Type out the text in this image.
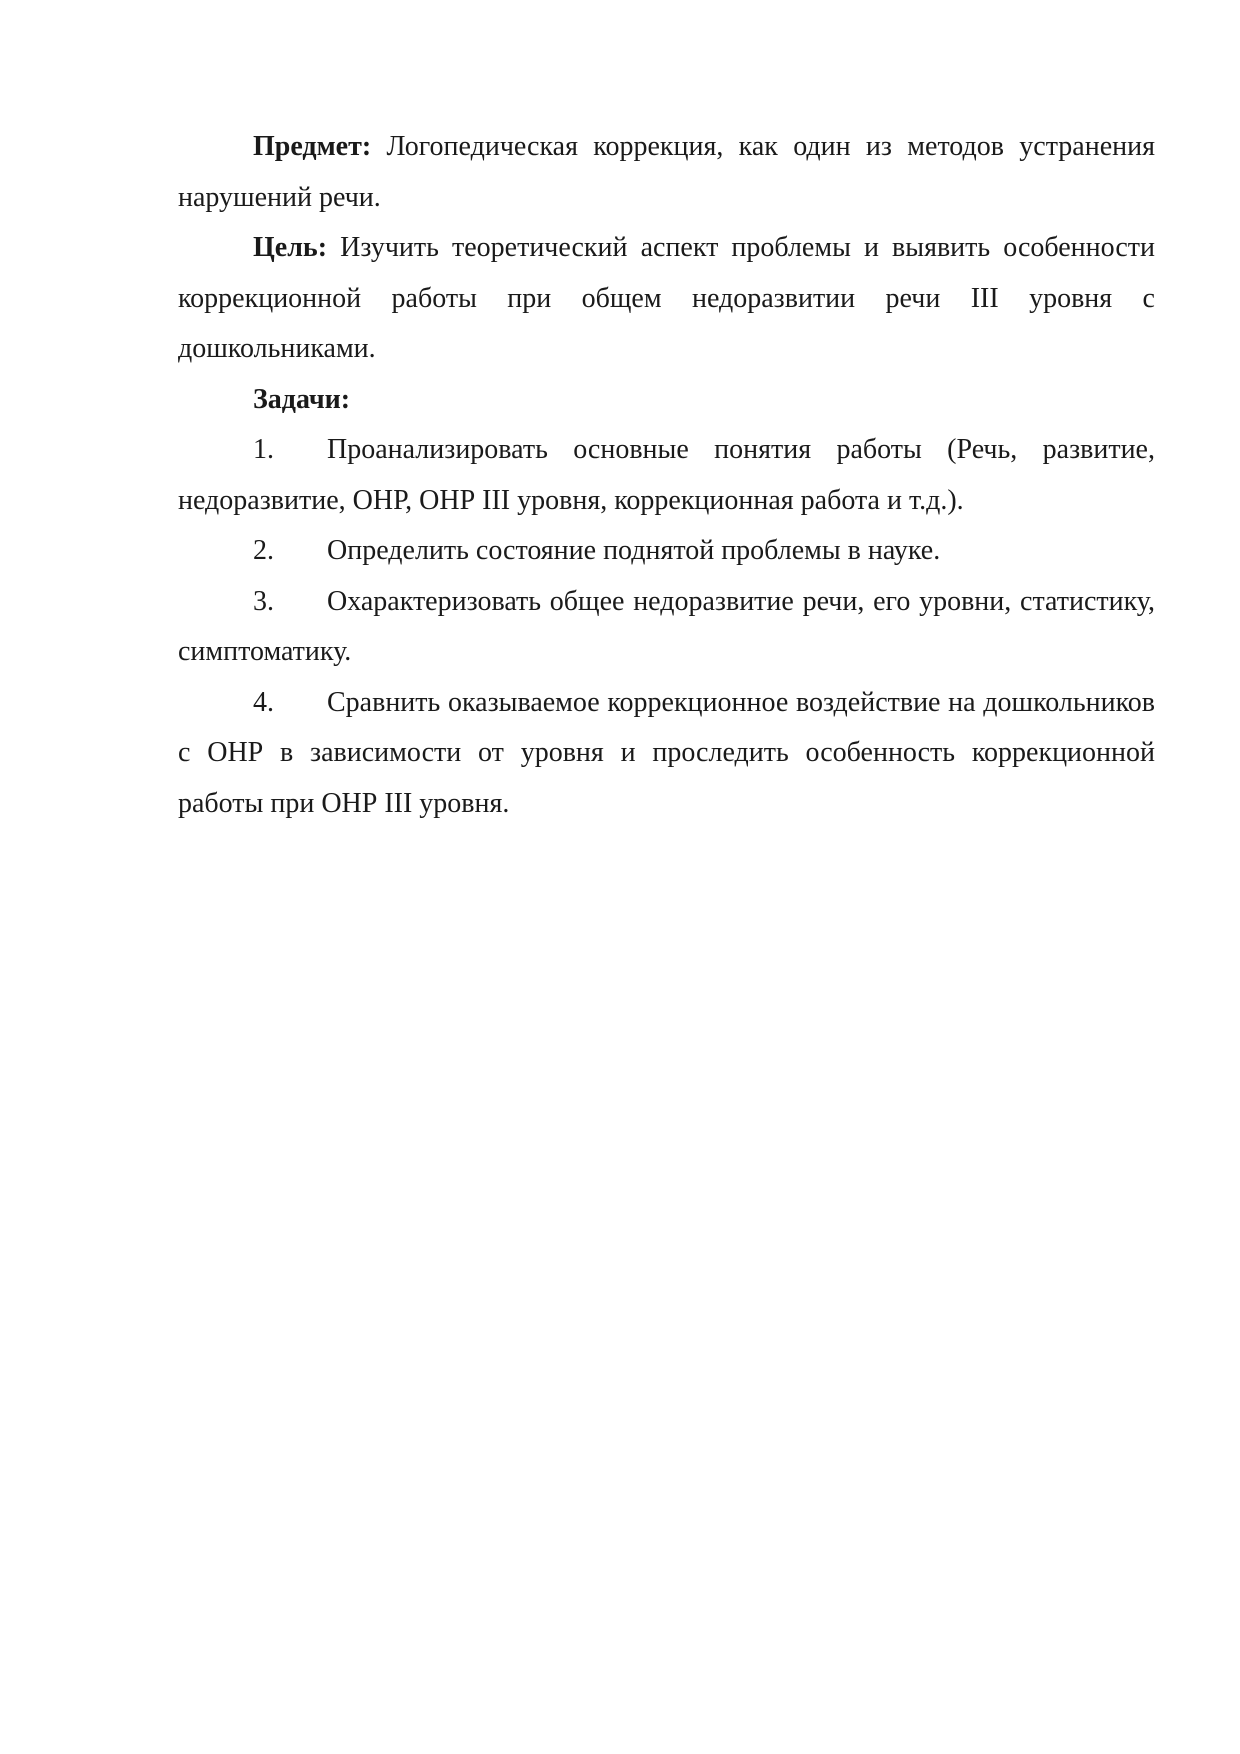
Предмет: Логопедическая коррекция, как один из методов устранения нарушений речи.

Цель: Изучить теоретический аспект проблемы и выявить особенности коррекционной работы при общем недоразвитии речи III уровня с дошкольниками.

Задачи:

1. Проанализировать основные понятия работы (Речь, развитие, недоразвитие, ОНР, ОНР III уровня, коррекционная работа и т.д.).

2. Определить состояние поднятой проблемы в науке.

3. Охарактеризовать общее недоразвитие речи, его уровни, статистику, симптоматику.

4. Сравнить оказываемое коррекционное воздействие на дошкольников с ОНР в зависимости от уровня и проследить особенность коррекционной работы при ОНР III уровня.
